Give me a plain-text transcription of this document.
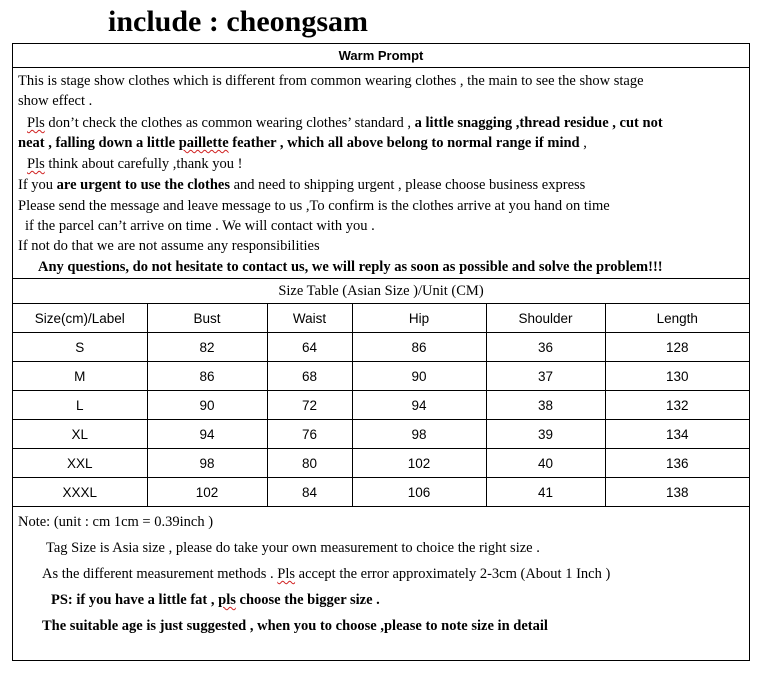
include : cheongsam
Warm Prompt
This is stage show clothes which is different from common wearing clothes , the main to see the show stage
show effect .
Pls don’t check the clothes as common wearing clothes’ standard , a little snagging ,thread residue , cut not
neat , falling down a little paillette feather , which all above belong to normal range if mind ,
Pls think about carefully ,thank you !
If you are urgent to use the clothes and need to shipping urgent , please choose business express
Please send the message and leave message to us ,To confirm is the clothes arrive at you hand on time
if the parcel can’t arrive on time . We will contact with you .
If not do that we are not assume any responsibilities
Any questions, do not hesitate to contact us, we will reply as soon as possible and solve the problem!!!
Size Table (Asian Size )/Unit (CM)
Size(cm)/Label	Bust	Waist	Hip	Shoulder	Length
S	82	64	86	36	128
M	86	68	90	37	130
L	90	72	94	38	132
XL	94	76	98	39	134
XXL	98	80	102	40	136
XXXL	102	84	106	41	138
Note: (unit : cm 1cm = 0.39inch )
Tag Size is Asia size , please do take your own measurement to choice the right size .
As the different measurement methods . Pls accept the error approximately 2-3cm (About 1 Inch )
PS: if you have a little fat , pls choose the bigger size .
The suitable age is just suggested , when you to choose ,please to note size in detail
